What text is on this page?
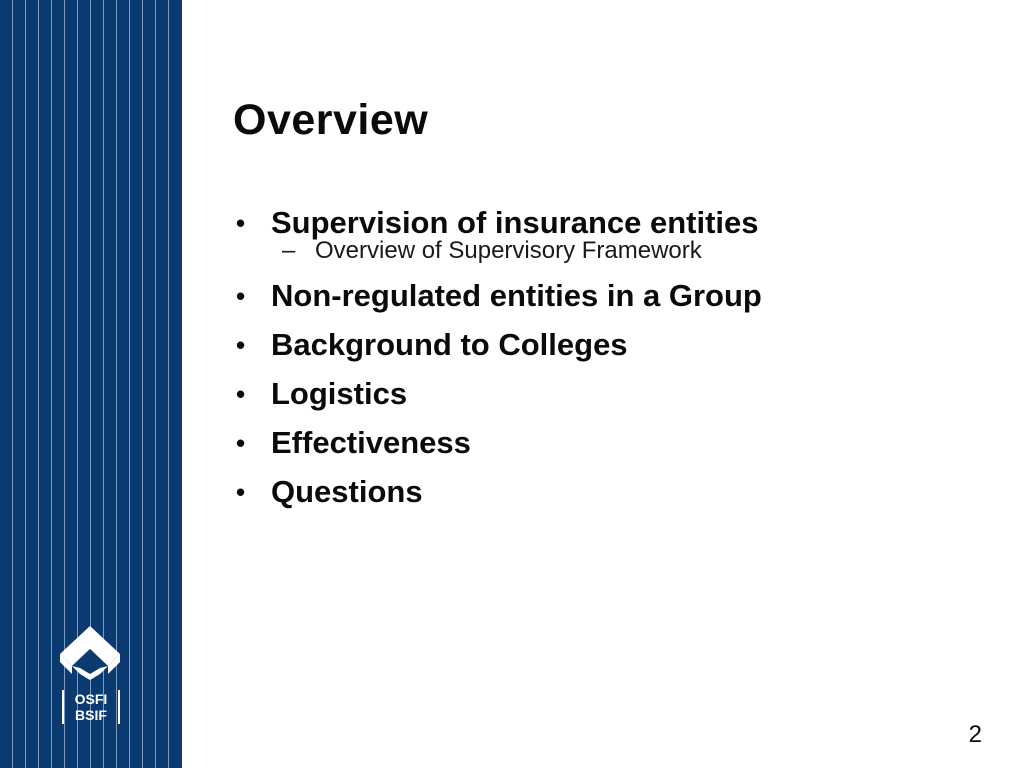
OSFI
BSIF
Overview
• Supervision of insurance entities
– Overview of Supervisory Framework
• Non-regulated entities in a Group
• Background to Colleges
• Logistics
• Effectiveness
• Questions
2
